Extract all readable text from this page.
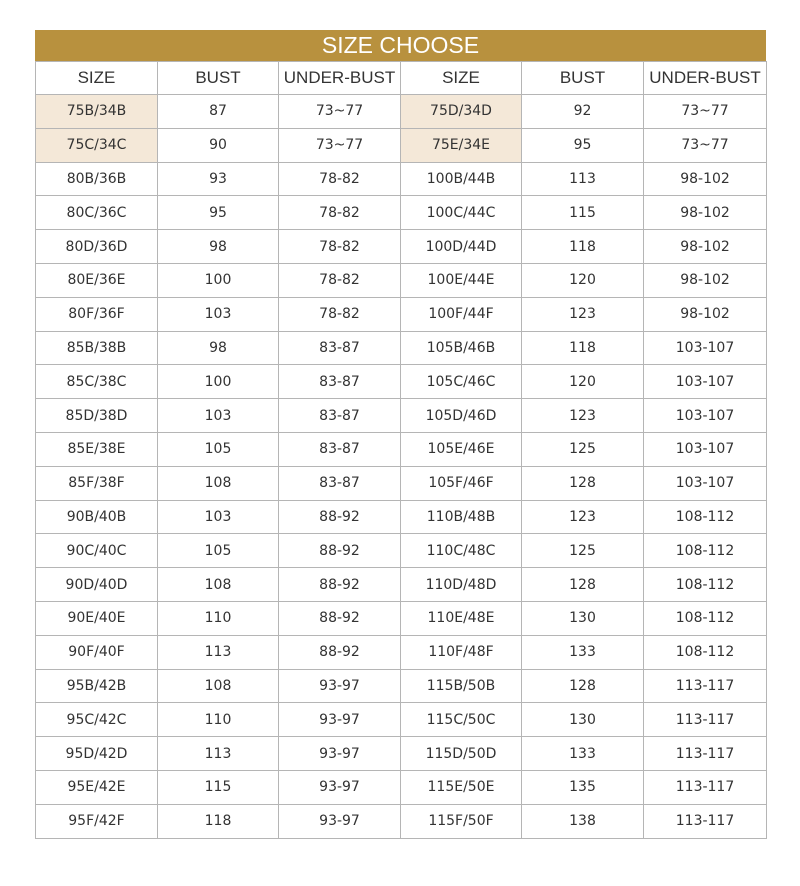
SIZE CHOOSE
SIZE	BUST	UNDER-BUST	SIZE	BUST	UNDER-BUST
75B/34B	87	73~77	75D/34D	92	73~77
75C/34C	90	73~77	75E/34E	95	73~77
80B/36B	93	78-82	100B/44B	113	98-102
80C/36C	95	78-82	100C/44C	115	98-102
80D/36D	98	78-82	100D/44D	118	98-102
80E/36E	100	78-82	100E/44E	120	98-102
80F/36F	103	78-82	100F/44F	123	98-102
85B/38B	98	83-87	105B/46B	118	103-107
85C/38C	100	83-87	105C/46C	120	103-107
85D/38D	103	83-87	105D/46D	123	103-107
85E/38E	105	83-87	105E/46E	125	103-107
85F/38F	108	83-87	105F/46F	128	103-107
90B/40B	103	88-92	110B/48B	123	108-112
90C/40C	105	88-92	110C/48C	125	108-112
90D/40D	108	88-92	110D/48D	128	108-112
90E/40E	110	88-92	110E/48E	130	108-112
90F/40F	113	88-92	110F/48F	133	108-112
95B/42B	108	93-97	115B/50B	128	113-117
95C/42C	110	93-97	115C/50C	130	113-117
95D/42D	113	93-97	115D/50D	133	113-117
95E/42E	115	93-97	115E/50E	135	113-117
95F/42F	118	93-97	115F/50F	138	113-117
